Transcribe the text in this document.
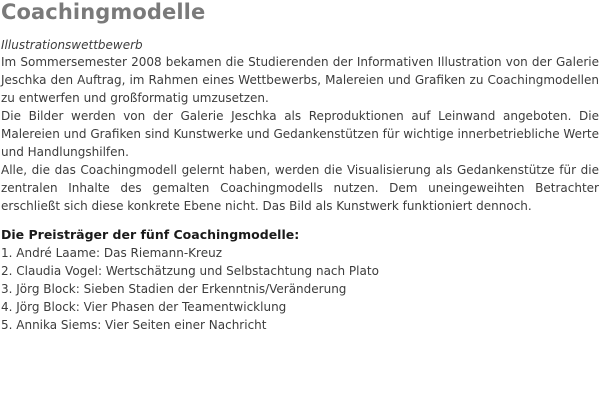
Coachingmodelle
Illustrationswettbewerb

Im Sommersemester 2008 bekamen die Studierenden der Informativen Illustration von der Galerie Jeschka den Auftrag, im Rahmen eines Wettbewerbs, Malereien und Grafiken zu Coachingmodellen zu entwerfen und großformatig umzusetzen.

Die Bilder werden von der Galerie Jeschka als Reproduktionen auf Leinwand angeboten. Die Malereien und Grafiken sind Kunstwerke und Gedankenstützen für wichtige innerbetriebliche Werte und Handlungshilfen.

Alle, die das Coachingmodell gelernt haben, werden die Visualisierung als Gedankenstütze für die zentralen Inhalte des gemalten Coachingmodells nutzen. Dem uneingeweihten Betrachter erschließt sich diese konkrete Ebene nicht. Das Bild als Kunstwerk funktioniert dennoch.

Die Preisträger der fünf Coachingmodelle:
1. André Laame: Das Riemann-Kreuz
2. Claudia Vogel: Wertschätzung und Selbstachtung nach Plato
3. Jörg Block: Sieben Stadien der Erkenntnis/Veränderung
4. Jörg Block: Vier Phasen der Teamentwicklung
5. Annika Siems: Vier Seiten einer Nachricht
